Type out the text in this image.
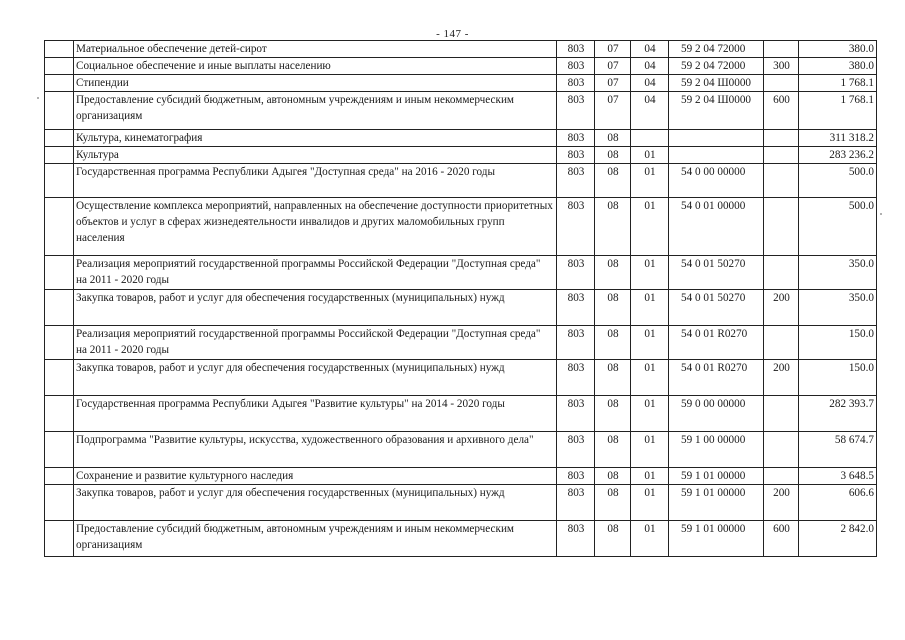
- 147 -
	Материальное обеспечение детей-сирот	803	07	04	59 2 04 72000		380.0
	Социальное обеспечение и иные выплаты населению	803	07	04	59 2 04 72000	300	380.0
	Стипендии	803	07	04	59 2 04 Ш0000		1 768.1
	Предоставление субсидий бюджетным, автономным учреждениям и иным некоммерческим организациям	803	07	04	59 2 04 Ш0000	600	1 768.1
	Культура, кинематография	803	08				311 318.2
	Культура	803	08	01			283 236.2
	Государственная программа Республики Адыгея "Доступная среда" на 2016 - 2020 годы	803	08	01	54 0 00 00000		500.0
	Осуществление комплекса мероприятий, направленных на обеспечение доступности приоритетных объектов и услуг в сферах жизнедеятельности инвалидов и других маломобильных групп населения	803	08	01	54 0 01 00000		500.0
	Реализация мероприятий государственной программы Российской Федерации "Доступная среда" на 2011 - 2020 годы	803	08	01	54 0 01 50270		350.0
	Закупка товаров, работ и услуг для обеспечения государственных (муниципальных) нужд	803	08	01	54 0 01 50270	200	350.0
	Реализация мероприятий государственной программы Российской Федерации "Доступная среда" на 2011 - 2020 годы	803	08	01	54 0 01 R0270		150.0
	Закупка товаров, работ и услуг для обеспечения государственных (муниципальных) нужд	803	08	01	54 0 01 R0270	200	150.0
	Государственная программа Республики Адыгея "Развитие культуры" на 2014 - 2020 годы	803	08	01	59 0 00 00000		282 393.7
	Подпрограмма "Развитие культуры, искусства, художественного образования и архивного дела"	803	08	01	59 1 00 00000		58 674.7
	Сохранение и развитие культурного наследия	803	08	01	59 1 01 00000		3 648.5
	Закупка товаров, работ и услуг для обеспечения государственных (муниципальных) нужд	803	08	01	59 1 01 00000	200	606.6
	Предоставление субсидий бюджетным, автономным учреждениям и иным некоммерческим организациям	803	08	01	59 1 01 00000	600	2 842.0
